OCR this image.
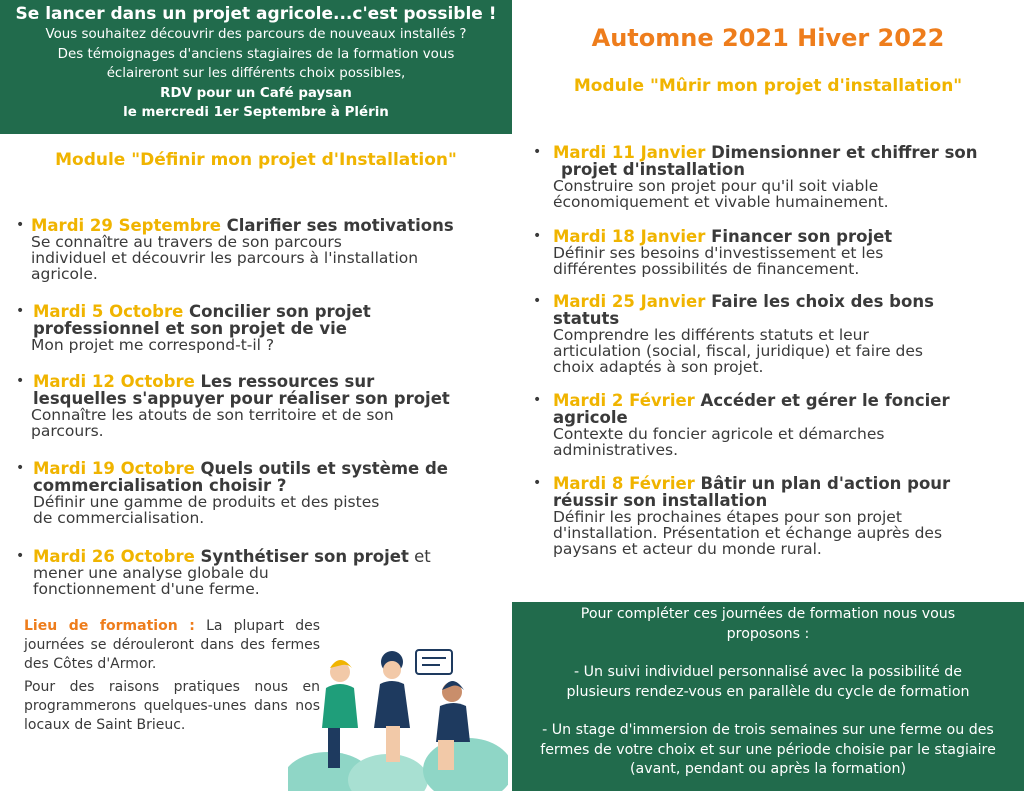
Se lancer dans un projet agricole...c'est possible !
Vous souhaitez découvrir des parcours de nouveaux installés ?
Des témoignages d'anciens stagiaires de la formation vous
éclaireront sur les différents choix possibles,
RDV pour un Café paysan
le mercredi 1er Septembre à Plérin
Automne 2021 Hiver 2022
Module "Mûrir mon projet d'installation"
Module "Définir mon projet d'Installation"
• Mardi 29 Septembre Clarifier ses motivations
Se connaître au travers de son parcours
individuel et découvrir les parcours à l'installation
agricole.
• Mardi 5 Octobre Concilier son projet
professionnel et son projet de vie
Mon projet me correspond-t-il ?
• Mardi 12 Octobre Les ressources sur
lesquelles s'appuyer pour réaliser son projet
Connaître les atouts de son territoire et de son
parcours.
• Mardi 19 Octobre Quels outils et système de
commercialisation choisir ?
Définir une gamme de produits et des pistes
de commercialisation.
• Mardi 26 Octobre Synthétiser son projet et
mener une analyse globale du
fonctionnement d'une ferme.
• Mardi 11 Janvier Dimensionner et chiffrer son
projet d'installation
Construire son projet pour qu'il soit viable
économiquement et vivable humainement.
• Mardi 18 Janvier Financer son projet
Définir ses besoins d'investissement et les
différentes possibilités de financement.
• Mardi 25 Janvier Faire les choix des bons
statuts
Comprendre les différents statuts et leur
articulation (social, fiscal, juridique) et faire des
choix adaptés à son projet.
• Mardi 2 Février Accéder et gérer le foncier
agricole
Contexte du foncier agricole et démarches
administratives.
• Mardi 8 Février Bâtir un plan d'action pour
réussir son installation
Définir les prochaines étapes pour son projet
d'installation. Présentation et échange auprès des
paysans et acteur du monde rural.

Lieu de formation : La plupart des journées se dérouleront dans des fermes des Côtes d'Armor.

Pour des raisons pratiques nous en programmerons quelques-unes dans nos locaux de Saint Brieuc.

Pour compléter ces journées de formation nous vous proposons :

- Un suivi individuel personnalisé avec la possibilité de plusieurs rendez-vous en parallèle du cycle de formation

- Un stage d'immersion de trois semaines sur une ferme ou des fermes de votre choix et sur une période choisie par le stagiaire (avant, pendant ou après la formation)
